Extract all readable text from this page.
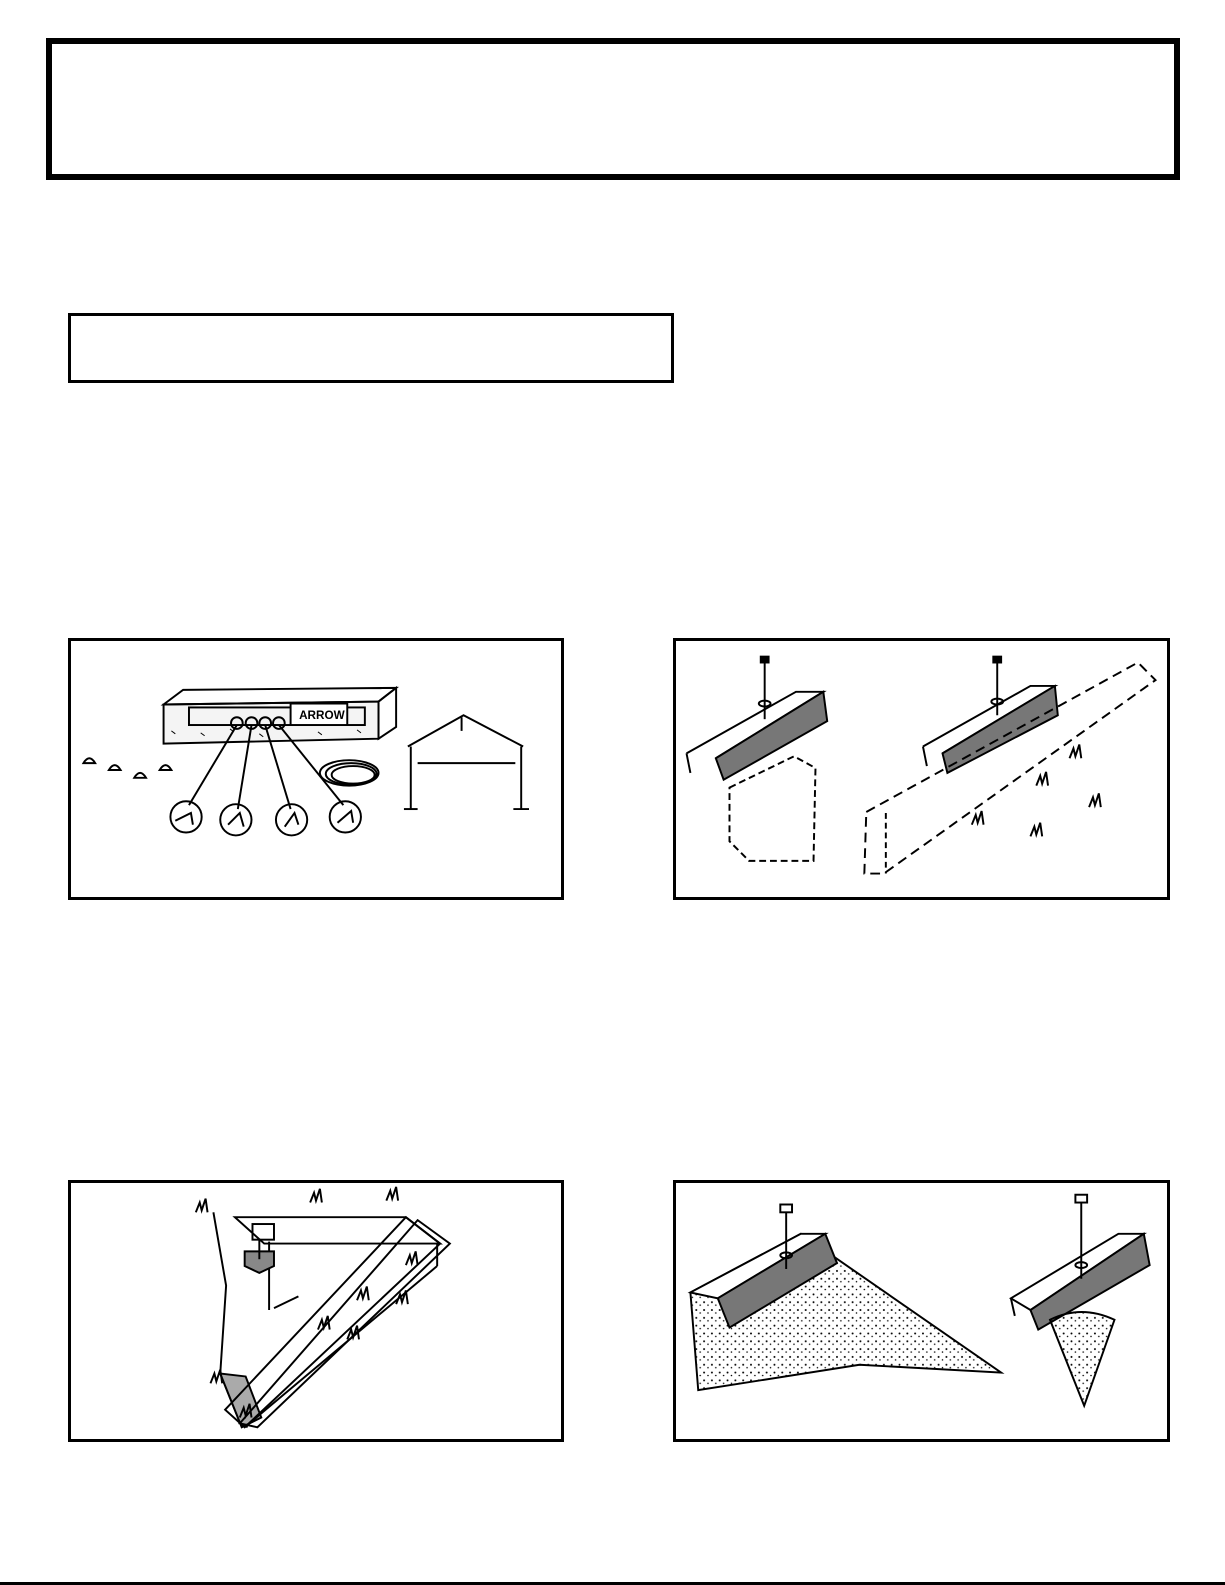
ARROW
